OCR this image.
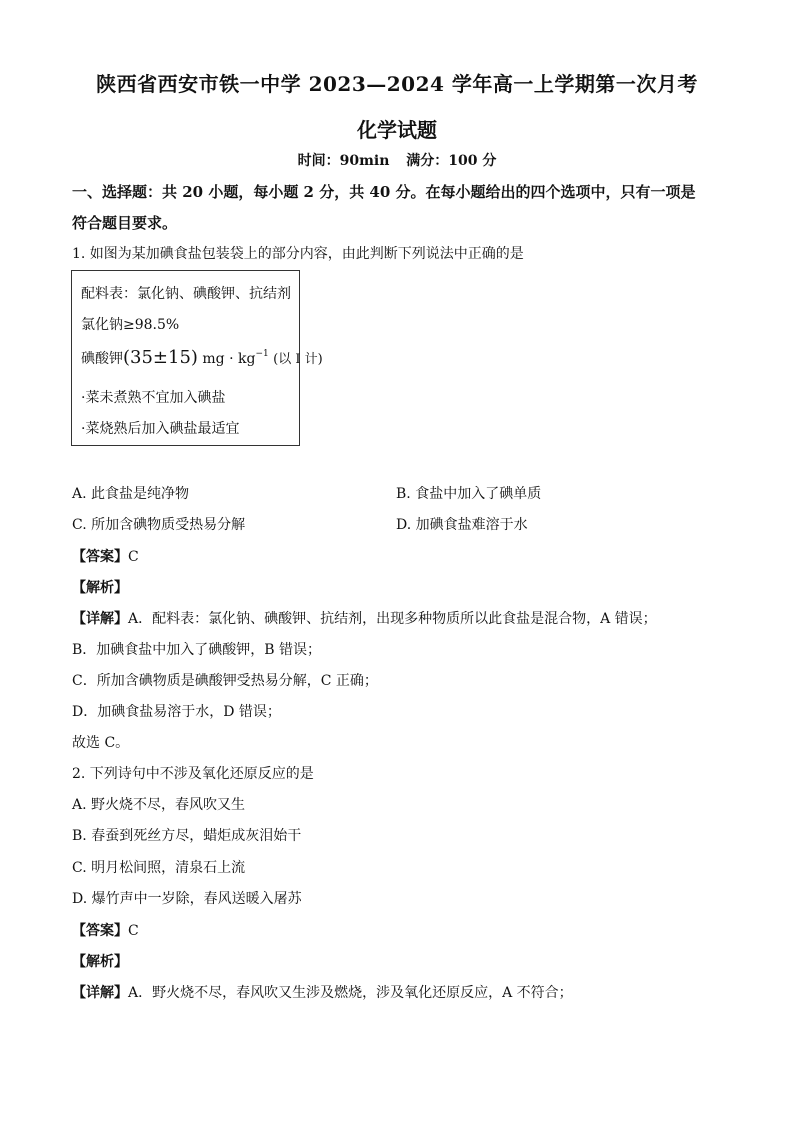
陕西省西安市铁一中学 2023—2024 学年高一上学期第一次月考
化学试题
时间：90min 满分：100 分
一、选择题：共 20 小题，每小题 2 分，共 40 分。在每小题给出的四个选项中，只有一项是
符合题目要求。
1. 如图为某加碘食盐包装袋上的部分内容，由此判断下列说法中正确的是
配料表：氯化钠、碘酸钾、抗结剂
氯化钠≥98.5%
碘酸钾(35±15) mg · $kg^{-1}$ (以 I 计)
·菜未煮熟不宜加入碘盐
·菜烧熟后加入碘盐最适宜
A. 此食盐是纯净物	B. 食盐中加入了碘单质
C. 所加含碘物质受热易分解	D. 加碘食盐难溶于水
【答案】C
【解析】
【详解】A．配料表：氯化钠、碘酸钾、抗结剂，出现多种物质所以此食盐是混合物，A 错误；
B．加碘食盐中加入了碘酸钾，B 错误；
C．所加含碘物质是碘酸钾受热易分解，C 正确；
D．加碘食盐易溶于水，D 错误；
故选 C。
2. 下列诗句中不涉及氧化还原反应的是
A. 野火烧不尽，春风吹又生
B. 春蚕到死丝方尽，蜡炬成灰泪始干
C. 明月松间照，清泉石上流
D. 爆竹声中一岁除，春风送暖入屠苏
【答案】C
【解析】
【详解】A．野火烧不尽，春风吹又生涉及燃烧，涉及氧化还原反应，A 不符合；
